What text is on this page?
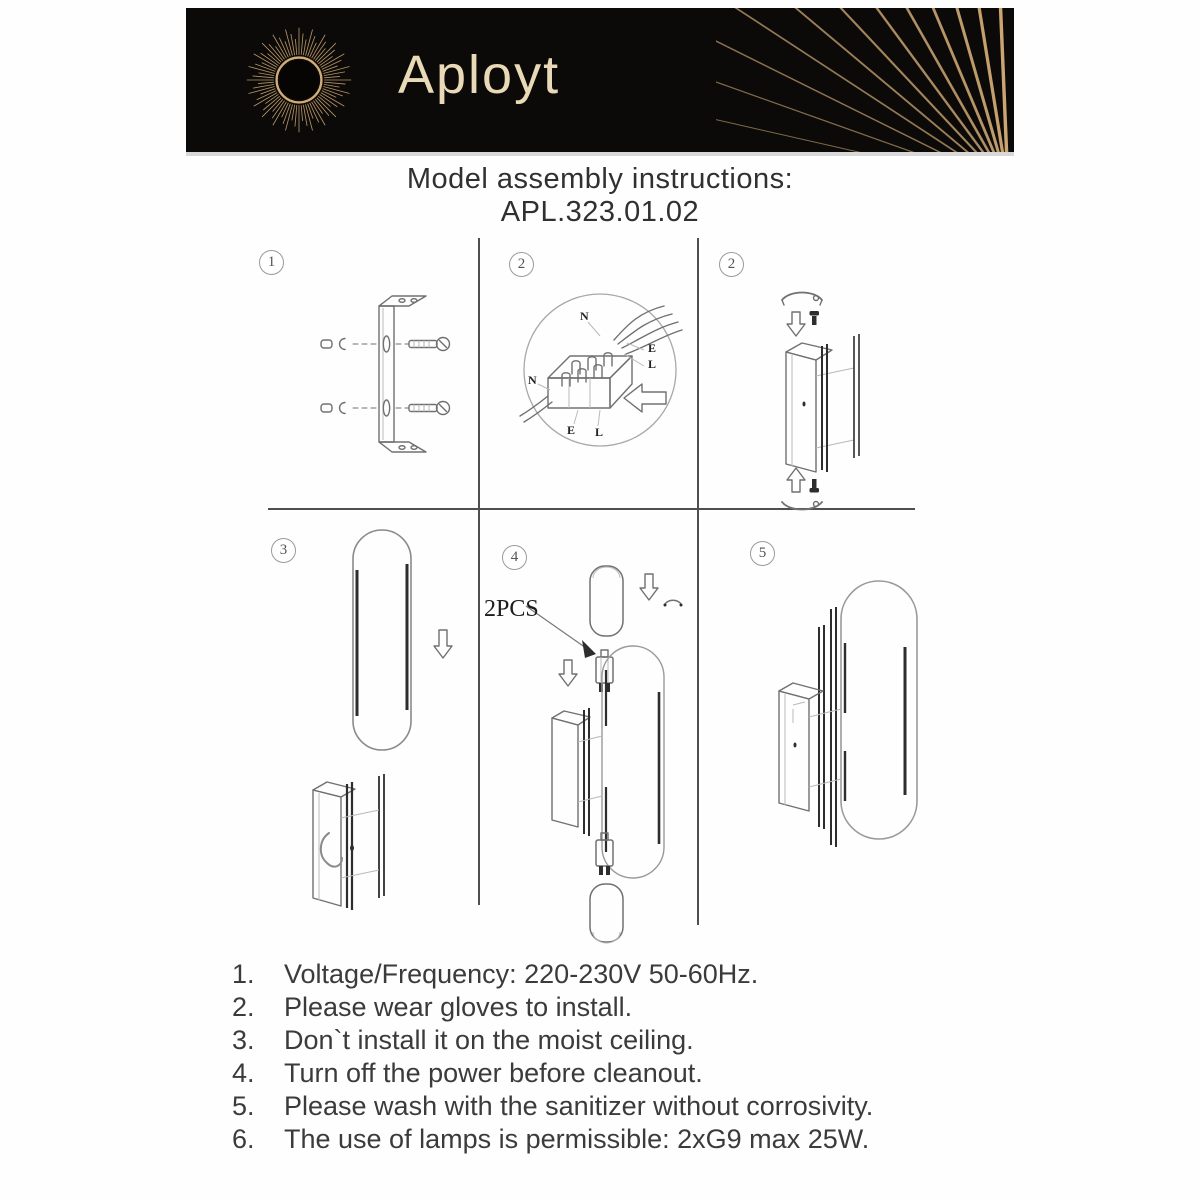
Aployt
Model assembly instructions:
APL.323.01.02
1	2	2
3	4	5
N
E
L
N
E L
2PCS
1.	Voltage/Frequency: 220-230V 50-60Hz.
2.	Please wear gloves to install.
3.	Don`t install it on the moist ceiling.
4.	Turn off the power before cleanout.
5.	Please wash with the sanitizer without corrosivity.
6.	The use of lamps is permissible: 2xG9 max 25W.
